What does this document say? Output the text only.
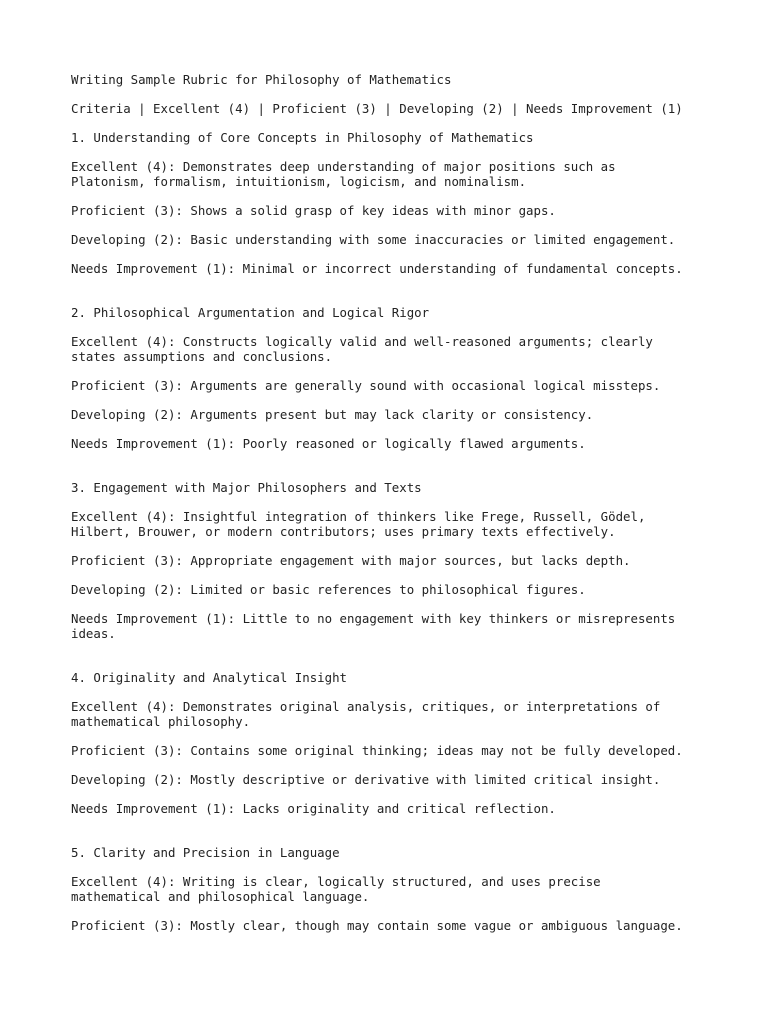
Writing Sample Rubric for Philosophy of Mathematics

Criteria | Excellent (4) | Proficient (3) | Developing (2) | Needs Improvement (1)

1. Understanding of Core Concepts in Philosophy of Mathematics

Excellent (4): Demonstrates deep understanding of major positions such as
Platonism, formalism, intuitionism, logicism, and nominalism.

Proficient (3): Shows a solid grasp of key ideas with minor gaps.

Developing (2): Basic understanding with some inaccuracies or limited engagement.

Needs Improvement (1): Minimal or incorrect understanding of fundamental concepts.

2. Philosophical Argumentation and Logical Rigor

Excellent (4): Constructs logically valid and well-reasoned arguments; clearly
states assumptions and conclusions.

Proficient (3): Arguments are generally sound with occasional logical missteps.

Developing (2): Arguments present but may lack clarity or consistency.

Needs Improvement (1): Poorly reasoned or logically flawed arguments.

3. Engagement with Major Philosophers and Texts

Excellent (4): Insightful integration of thinkers like Frege, Russell, Gödel,
Hilbert, Brouwer, or modern contributors; uses primary texts effectively.

Proficient (3): Appropriate engagement with major sources, but lacks depth.

Developing (2): Limited or basic references to philosophical figures.

Needs Improvement (1): Little to no engagement with key thinkers or misrepresents
ideas.

4. Originality and Analytical Insight

Excellent (4): Demonstrates original analysis, critiques, or interpretations of
mathematical philosophy.

Proficient (3): Contains some original thinking; ideas may not be fully developed.

Developing (2): Mostly descriptive or derivative with limited critical insight.

Needs Improvement (1): Lacks originality and critical reflection.

5. Clarity and Precision in Language

Excellent (4): Writing is clear, logically structured, and uses precise
mathematical and philosophical language.

Proficient (3): Mostly clear, though may contain some vague or ambiguous language.
